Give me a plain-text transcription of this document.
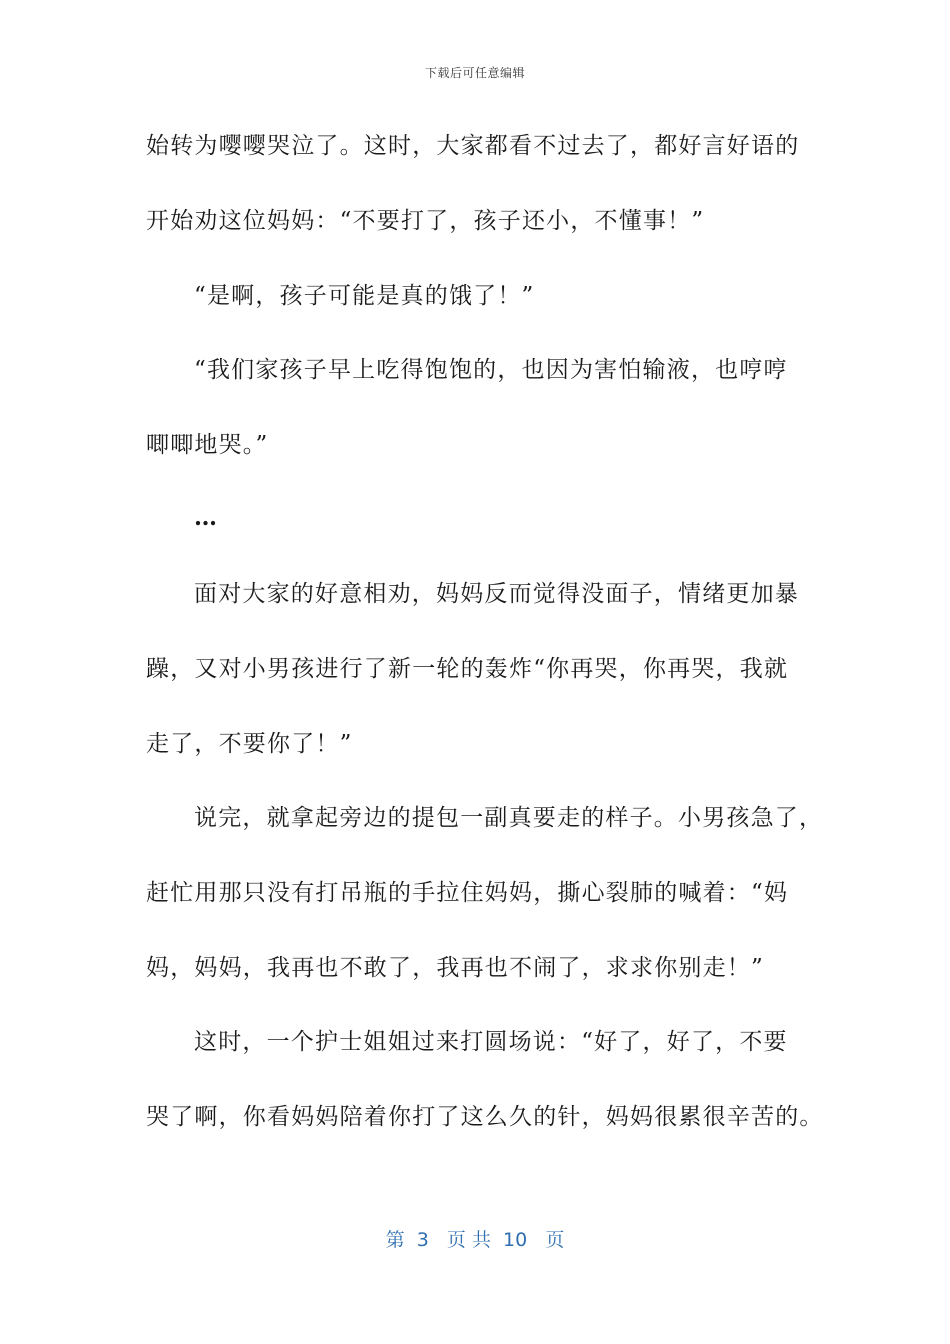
下载后可任意编辑
始转为嘤嘤哭泣了。这时，大家都看不过去了，都好言好语的
开始劝这位妈妈：“不要打了，孩子还小，不懂事！”
“是啊，孩子可能是真的饿了！”
“我们家孩子早上吃得饱饱的，也因为害怕输液，也哼哼
唧唧地哭。”
…
面对大家的好意相劝，妈妈反而觉得没面子，情绪更加暴
躁，又对小男孩进行了新一轮的轰炸“你再哭，你再哭，我就
走了，不要你了！”
说完，就拿起旁边的提包一副真要走的样子。小男孩急了，
赶忙用那只没有打吊瓶的手拉住妈妈，撕心裂肺的喊着：“妈
妈，妈妈，我再也不敢了，我再也不闹了，求求你别走！”
这时，一个护士姐姐过来打圆场说：“好了，好了，不要
哭了啊，你看妈妈陪着你打了这么久的针，妈妈很累很辛苦的。
第  3   页 共  10   页
